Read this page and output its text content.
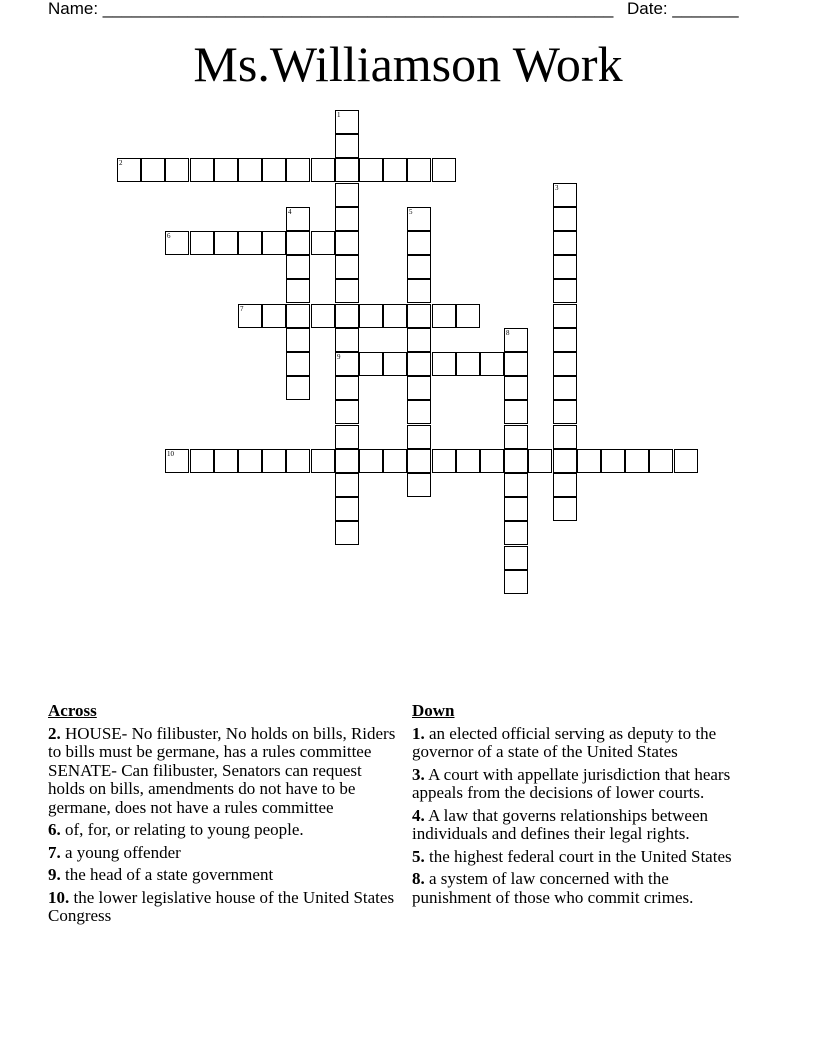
Name: ______________________________________________________ Date: _______
Ms.Williamson Work
1
9
2
3
4	5
6
7
8
10
Across
2. HOUSE- No filibuster, No holds on bills, Riders to bills must be germane, has a rules committee SENATE- Can filibuster, Senators can request holds on bills, amendments do not have to be germane, does not have a rules committee
6. of, for, or relating to young people.
7. a young offender
9. the head of a state government
10. the lower legislative house of the United States Congress
Down
1. an elected official serving as deputy to the governor of a state of the United States
3. A court with appellate jurisdiction that hears appeals from the decisions of lower courts.
4. A law that governs relationships between individuals and defines their legal rights.
5. the highest federal court in the United States
8. a system of law concerned with the punishment of those who commit crimes.
